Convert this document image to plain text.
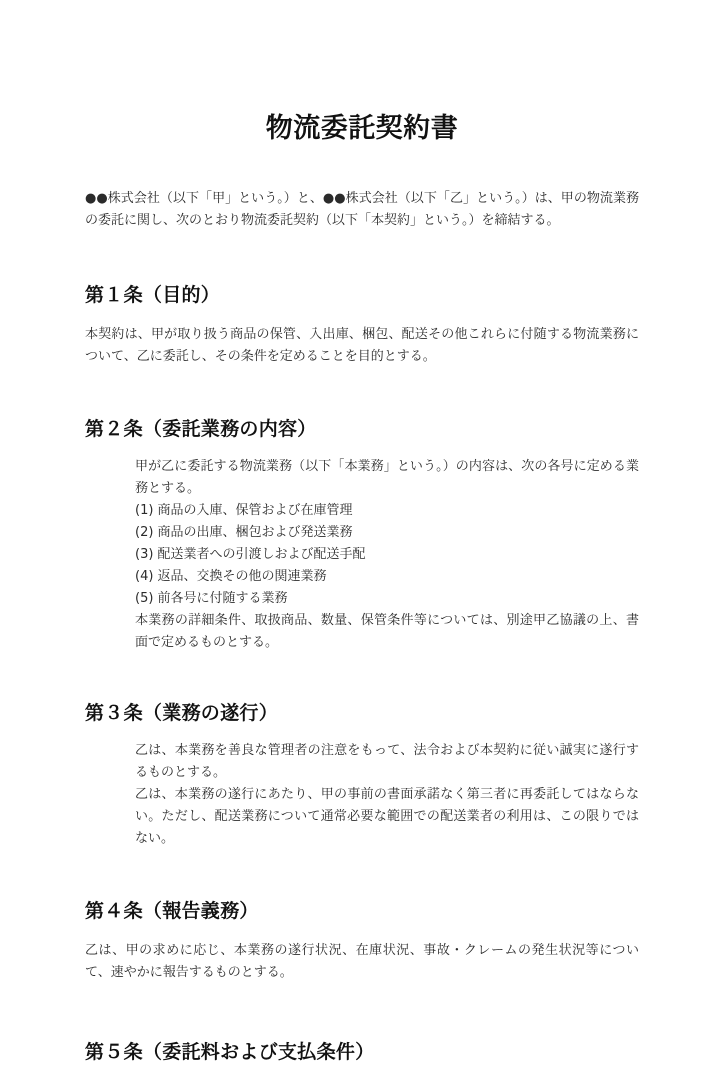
物流委託契約書

●●株式会社（以下「甲」という。）と、●●株式会社（以下「乙」という。）は、甲の物流業務の委託に関し、次のとおり物流委託契約（以下「本契約」という。）を締結する。

第１条（目的）

本契約は、甲が取り扱う商品の保管、入出庫、梱包、配送その他これらに付随する物流業務について、乙に委託し、その条件を定めることを目的とする。

第２条（委託業務の内容）

甲が乙に委託する物流業務（以下「本業務」という。）の内容は、次の各号に定める業務とする。

(1) 商品の入庫、保管および在庫管理

(2) 商品の出庫、梱包および発送業務

(3) 配送業者への引渡しおよび配送手配

(4) 返品、交換その他の関連業務

(5) 前各号に付随する業務

本業務の詳細条件、取扱商品、数量、保管条件等については、別途甲乙協議の上、書面で定めるものとする。

第３条（業務の遂行）

乙は、本業務を善良な管理者の注意をもって、法令および本契約に従い誠実に遂行するものとする。

乙は、本業務の遂行にあたり、甲の事前の書面承諾なく第三者に再委託してはならない。ただし、配送業務について通常必要な範囲での配送業者の利用は、この限りではない。

第４条（報告義務）

乙は、甲の求めに応じ、本業務の遂行状況、在庫状況、事故・クレームの発生状況等について、速やかに報告するものとする。

第５条（委託料および支払条件）
